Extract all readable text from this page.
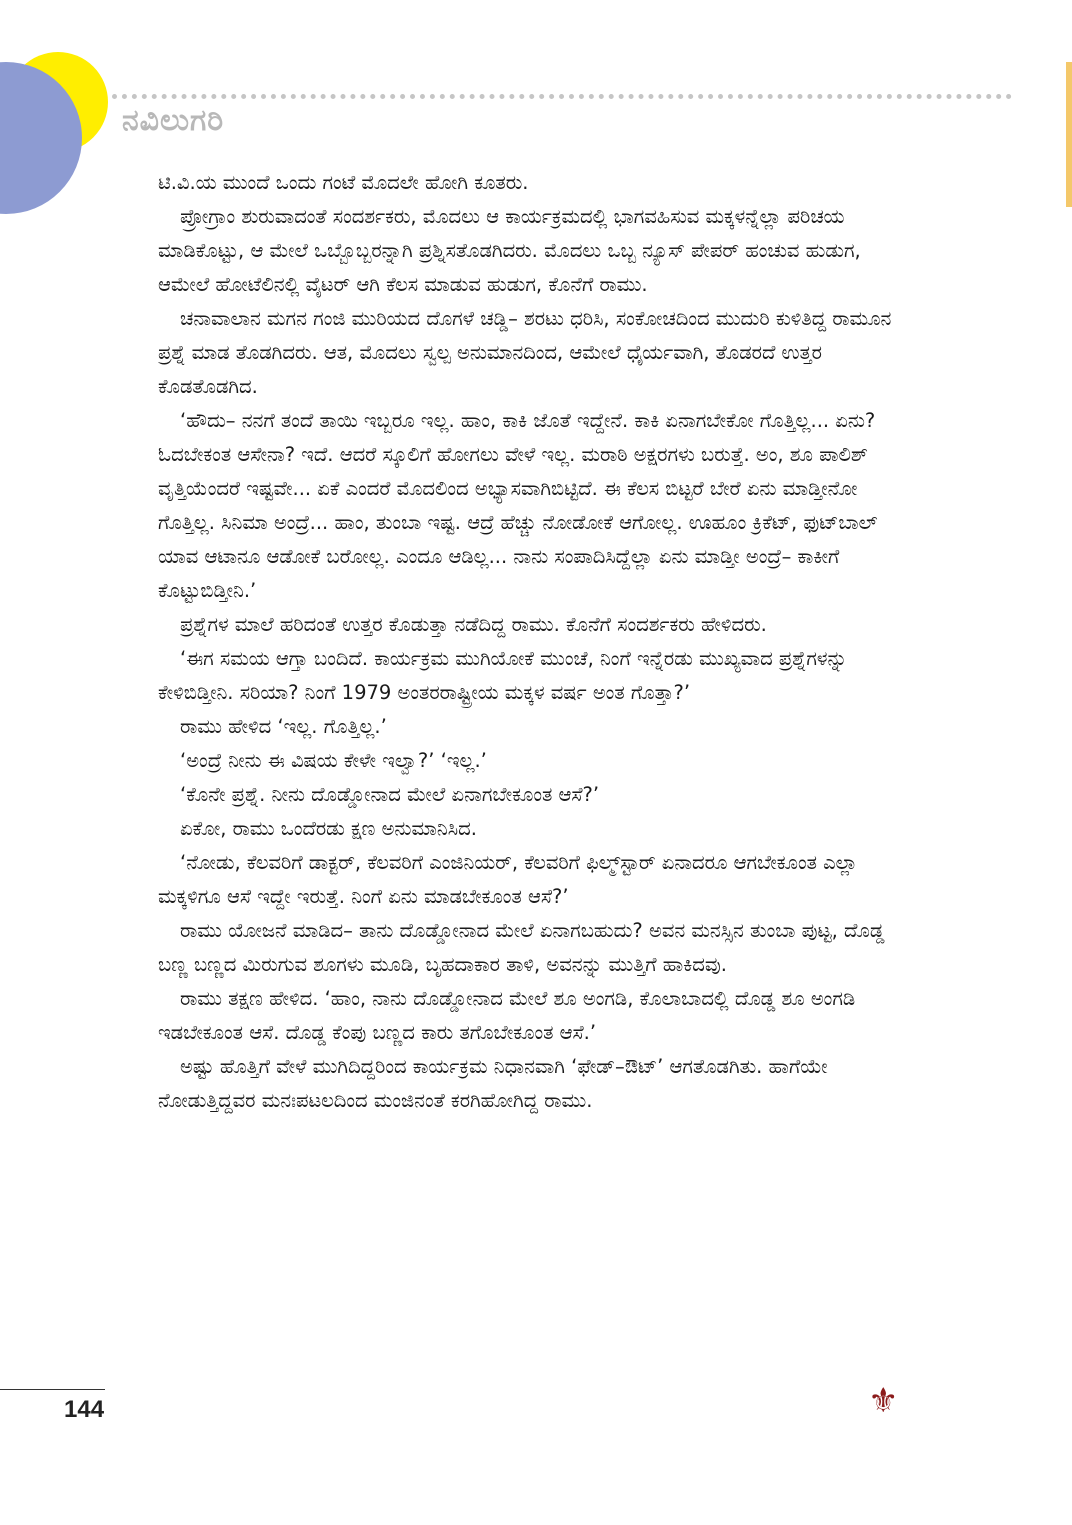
ನವಿಲುಗರಿ

ಟಿ.ವಿ.ಯ ಮುಂದೆ ಒಂದು ಗಂಟೆ ಮೊದಲೇ ಹೋಗಿ ಕೂತರು.

ಪ್ರೋಗ್ರಾಂ ಶುರುವಾದಂತೆ ಸಂದರ್ಶಕರು, ಮೊದಲು ಆ ಕಾರ್ಯಕ್ರಮದಲ್ಲಿ ಭಾಗವಹಿಸುವ ಮಕ್ಕಳನ್ನೆಲ್ಲಾ ಪರಿಚಯ ಮಾಡಿಕೊಟ್ಟು, ಆ ಮೇಲೆ ಒಬ್ಬೊಬ್ಬರನ್ನಾಗಿ ಪ್ರಶ್ನಿಸತೊಡಗಿದರು. ಮೊದಲು ಒಬ್ಬ ನ್ಯೂಸ್ ಪೇಪರ್ ಹಂಚುವ ಹುಡುಗ, ಆಮೇಲೆ ಹೋಟೆಲಿನಲ್ಲಿ ವೈಟರ್ ಆಗಿ ಕೆಲಸ ಮಾಡುವ ಹುಡುಗ, ಕೊನೆಗೆ ರಾಮು.

ಚನಾವಾಲಾನ ಮಗನ ಗಂಜಿ ಮುರಿಯದ ದೊಗಳೆ ಚಡ್ಡಿ– ಶರಟು ಧರಿಸಿ, ಸಂಕೋಚದಿಂದ ಮುದುರಿ ಕುಳಿತಿದ್ದ ರಾಮೂನ ಪ್ರಶ್ನೆ ಮಾಡ ತೊಡಗಿದರು. ಆತ, ಮೊದಲು ಸ್ವಲ್ಪ ಅನುಮಾನದಿಂದ, ಆಮೇಲೆ ಧೈರ್ಯವಾಗಿ, ತೊಡರದೆ ಉತ್ತರ ಕೊಡತೊಡಗಿದ.

‘ಹೌದು– ನನಗೆ ತಂದೆ ತಾಯಿ ಇಬ್ಬರೂ ಇಲ್ಲ. ಹಾಂ, ಕಾಕಿ ಜೊತೆ ಇದ್ದೇನೆ. ಕಾಕಿ ಏನಾಗಬೇಕೋ ಗೊತ್ತಿಲ್ಲ... ಏನು? ಓದಬೇಕಂತ ಆಸೇನಾ? ಇದೆ. ಆದರೆ ಸ್ಕೂಲಿಗೆ ಹೋಗಲು ವೇಳೆ ಇಲ್ಲ. ಮರಾಠಿ ಅಕ್ಷರಗಳು ಬರುತ್ತೆ. ಅಂ, ಶೂ ಪಾಲಿಶ್ ವೃತ್ತಿಯೆಂದರೆ ಇಷ್ಟವೇ... ಏಕೆ ಎಂದರೆ ಮೊದಲಿಂದ ಅಭ್ಯಾಸವಾಗಿಬಿಟ್ಟಿದೆ. ಈ ಕೆಲಸ ಬಿಟ್ಟರೆ ಬೇರೆ ಏನು ಮಾಡ್ತೀನೋ ಗೊತ್ತಿಲ್ಲ. ಸಿನಿಮಾ ಅಂದ್ರೆ... ಹಾಂ, ತುಂಬಾ ಇಷ್ಟ. ಆದ್ರೆ ಹೆಚ್ಚು ನೋಡೋಕೆ ಆಗೋಲ್ಲ. ಊಹೂಂ ಕ್ರಿಕೆಟ್, ಫುಟ್‌ಬಾಲ್ ಯಾವ ಆಟಾನೂ ಆಡೋಕೆ ಬರೋಲ್ಲ. ಎಂದೂ ಆಡಿಲ್ಲ... ನಾನು ಸಂಪಾದಿಸಿದ್ದೆಲ್ಲಾ ಏನು ಮಾಡ್ತೀ ಅಂದ್ರೆ– ಕಾಕೀಗೆ ಕೊಟ್ಟುಬಿಡ್ತೀನಿ.’

ಪ್ರಶ್ನೆಗಳ ಮಾಲೆ ಹರಿದಂತೆ ಉತ್ತರ ಕೊಡುತ್ತಾ ನಡೆದಿದ್ದ ರಾಮು. ಕೊನೆಗೆ ಸಂದರ್ಶಕರು ಹೇಳಿದರು.

‘ಈಗ ಸಮಯ ಆಗ್ತಾ ಬಂದಿದೆ. ಕಾರ್ಯಕ್ರಮ ಮುಗಿಯೋಕೆ ಮುಂಚೆ, ನಿಂಗೆ ಇನ್ನೆರಡು ಮುಖ್ಯವಾದ ಪ್ರಶ್ನೆಗಳನ್ನು ಕೇಳಿಬಿಡ್ತೀನಿ. ಸರಿಯಾ? ನಿಂಗೆ 1979 ಅಂತರರಾಷ್ಟ್ರೀಯ ಮಕ್ಕಳ ವರ್ಷ ಅಂತ ಗೊತ್ತಾ?’

ರಾಮು ಹೇಳಿದ ‘ಇಲ್ಲ. ಗೊತ್ತಿಲ್ಲ.’

‘ಅಂದ್ರೆ ನೀನು ಈ ವಿಷಯ ಕೇಳೇ ಇಲ್ವಾ?’ ‘ಇಲ್ಲ.’

‘ಕೊನೇ ಪ್ರಶ್ನೆ. ನೀನು ದೊಡ್ಡೋನಾದ ಮೇಲೆ ಏನಾಗಬೇಕೂಂತ ಆಸೆ?’

ಏಕೋ, ರಾಮು ಒಂದೆರಡು ಕ್ಷಣ ಅನುಮಾನಿಸಿದ.

‘ನೋಡು, ಕೆಲವರಿಗೆ ಡಾಕ್ಟರ್, ಕೆಲವರಿಗೆ ಎಂಜಿನಿಯರ್, ಕೆಲವರಿಗೆ ಫಿಲ್ಮ್‌ಸ್ಟಾರ್ ಏನಾದರೂ ಆಗಬೇಕೂಂತ ಎಲ್ಲಾ ಮಕ್ಕಳಿಗೂ ಆಸೆ ಇದ್ದೇ ಇರುತ್ತೆ. ನಿಂಗೆ ಏನು ಮಾಡಬೇಕೂಂತ ಆಸೆ?’

ರಾಮು ಯೋಜನೆ ಮಾಡಿದ– ತಾನು ದೊಡ್ಡೋನಾದ ಮೇಲೆ ಏನಾಗಬಹುದು? ಅವನ ಮನಸ್ಸಿನ ತುಂಬಾ ಪುಟ್ಟ, ದೊಡ್ಡ ಬಣ್ಣ ಬಣ್ಣದ ಮಿರುಗುವ ಶೂಗಳು ಮೂಡಿ, ಬೃಹದಾಕಾರ ತಾಳಿ, ಅವನನ್ನು ಮುತ್ತಿಗೆ ಹಾಕಿದವು.

ರಾಮು ತಕ್ಷಣ ಹೇಳಿದ. ‘ಹಾಂ, ನಾನು ದೊಡ್ಡೋನಾದ ಮೇಲೆ ಶೂ ಅಂಗಡಿ, ಕೊಲಾಬಾದಲ್ಲಿ ದೊಡ್ಡ ಶೂ ಅಂಗಡಿ ಇಡಬೇಕೂಂತ ಆಸೆ. ದೊಡ್ಡ ಕೆಂಪು ಬಣ್ಣದ ಕಾರು ತಗೊಬೇಕೂಂತ ಆಸೆ.’

ಅಷ್ಟು ಹೊತ್ತಿಗೆ ವೇಳೆ ಮುಗಿದಿದ್ದರಿಂದ ಕಾರ್ಯಕ್ರಮ ನಿಧಾನವಾಗಿ ‘ಫೇಡ್–ಔಟ್’ ಆಗತೊಡಗಿತು. ಹಾಗೆಯೇ ನೋಡುತ್ತಿದ್ದವರ ಮನಃಪಟಲದಿಂದ ಮಂಜಿನಂತೆ ಕರಗಿಹೋಗಿದ್ದ ರಾಮು.

144	⚜
